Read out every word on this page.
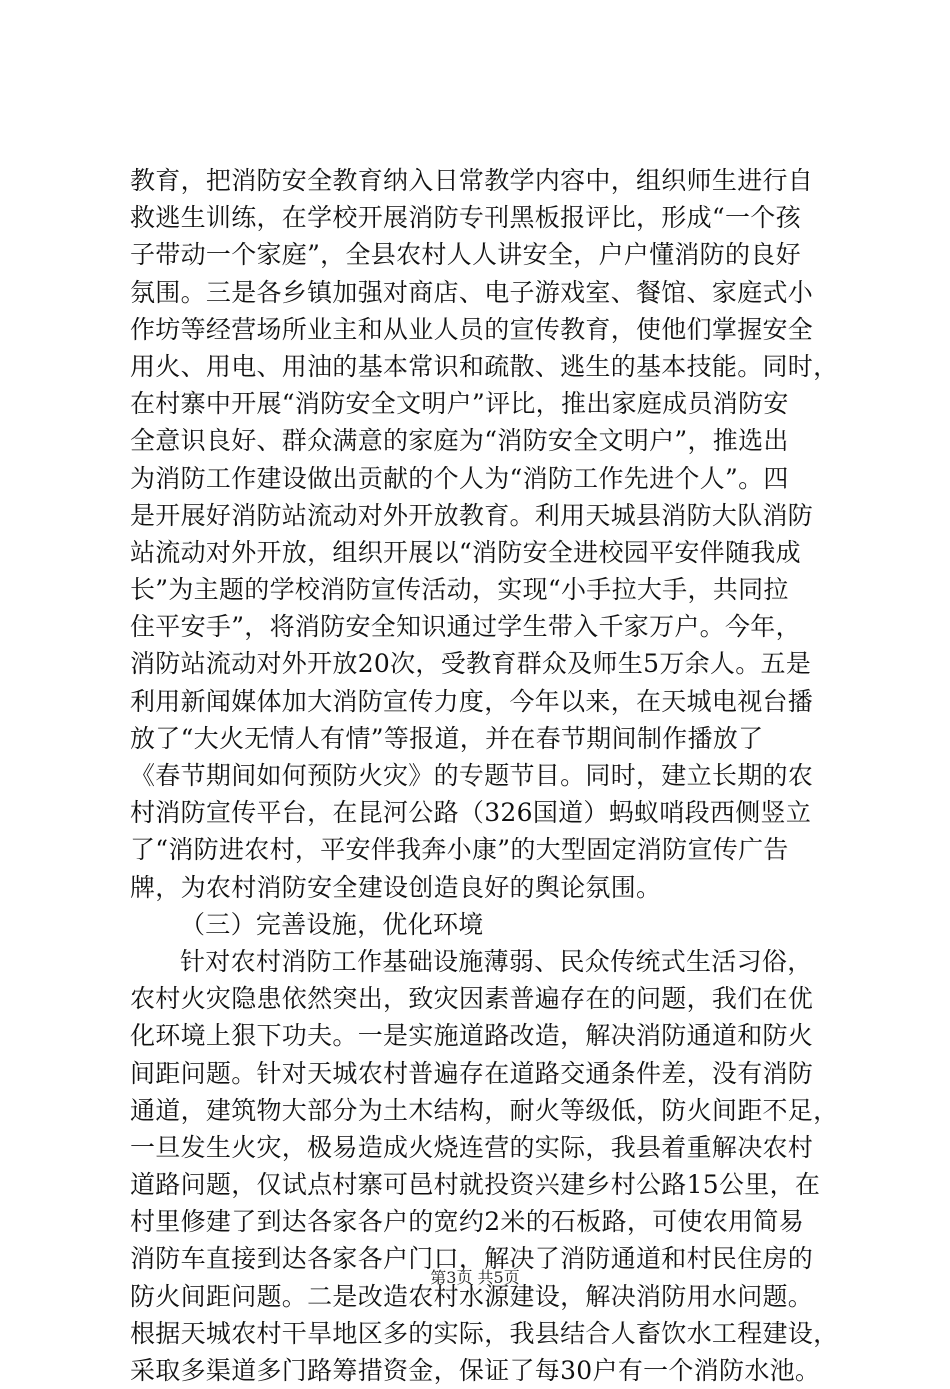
教育，把消防安全教育纳入日常教学内容中，组织师生进行自
救逃生训练，在学校开展消防专刊黑板报评比，形成“一个孩
子带动一个家庭”，全县农村人人讲安全，户户懂消防的良好
氛围。三是各乡镇加强对商店、电子游戏室、餐馆、家庭式小
作坊等经营场所业主和从业人员的宣传教育，使他们掌握安全
用火、用电、用油的基本常识和疏散、逃生的基本技能。同时，
在村寨中开展“消防安全文明户”评比，推出家庭成员消防安
全意识良好、群众满意的家庭为“消防安全文明户”，推选出
为消防工作建设做出贡献的个人为“消防工作先进个人”。四
是开展好消防站流动对外开放教育。利用天城县消防大队消防
站流动对外开放，组织开展以“消防安全进校园平安伴随我成
长”为主题的学校消防宣传活动，实现“小手拉大手，共同拉
住平安手”，将消防安全知识通过学生带入千家万户。今年，
消防站流动对外开放20次，受教育群众及师生5万余人。五是
利用新闻媒体加大消防宣传力度，今年以来，在天城电视台播
放了“大火无情人有情”等报道，并在春节期间制作播放了
《春节期间如何预防火灾》的专题节目。同时，建立长期的农
村消防宣传平台，在昆河公路（326国道）蚂蚁哨段西侧竖立
了“消防进农村，平安伴我奔小康”的大型固定消防宣传广告
牌，为农村消防安全建设创造良好的舆论氛围。
（三）完善设施，优化环境
针对农村消防工作基础设施薄弱、民众传统式生活习俗，
农村火灾隐患依然突出，致灾因素普遍存在的问题，我们在优
化环境上狠下功夫。一是实施道路改造，解决消防通道和防火
间距问题。针对天城农村普遍存在道路交通条件差，没有消防
通道，建筑物大部分为土木结构，耐火等级低，防火间距不足，
一旦发生火灾，极易造成火烧连营的实际，我县着重解决农村
道路问题，仅试点村寨可邑村就投资兴建乡村公路15公里，在
村里修建了到达各家各户的宽约2米的石板路，可使农用简易
消防车直接到达各家各户门口，解决了消防通道和村民住房的
防火间距问题。二是改造农村水源建设，解决消防用水问题。
根据天城农村干旱地区多的实际，我县结合人畜饮水工程建设，
采取多渠道多门路筹措资金，保证了每30户有一个消防水池。
第3页 共5页
